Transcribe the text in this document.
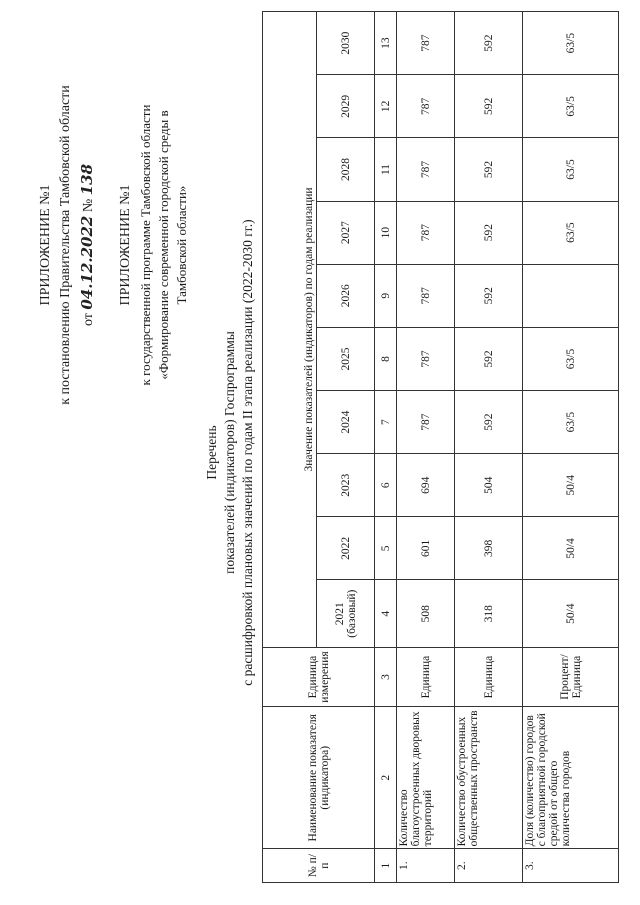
ПРИЛОЖЕНИЕ №1 к постановлению Правительства Тамбовской области от 04.12.2022 № 138
ПРИЛОЖЕНИЕ №1 к государственной программе Тамбовской области «Формирование современной городской среды в Тамбовской области»
Перечень показателей (индикаторов) Госпрограммы с расшифровкой плановых значений по годам II этапа реализации (2022-2030 гг.)
№ п/п	Наименование показателя (индикатора)	Единица измерения	Значение показателей (индикаторов) по годам реализации									
			2021 (базовый)	2022	2023	2024	2025	2026	2027	2028	2029	2030
1	2	3	4	5	6	7	8	9	10	11	12	13
1.	Количество благоустроенных дворовых территорий	Единица	508	601	694	787	787	787	787	787	787	787
2.	Количество обустроенных общественных пространств	Единица	318	398	504	592	592	592	592	592	592	592
3.	Доля (количество) городов с благоприятной городской средой от общего количества городов	Процент/ Единица	50/4	50/4	50/4	63/5	63/5		63/5	63/5	63/5	63/5
